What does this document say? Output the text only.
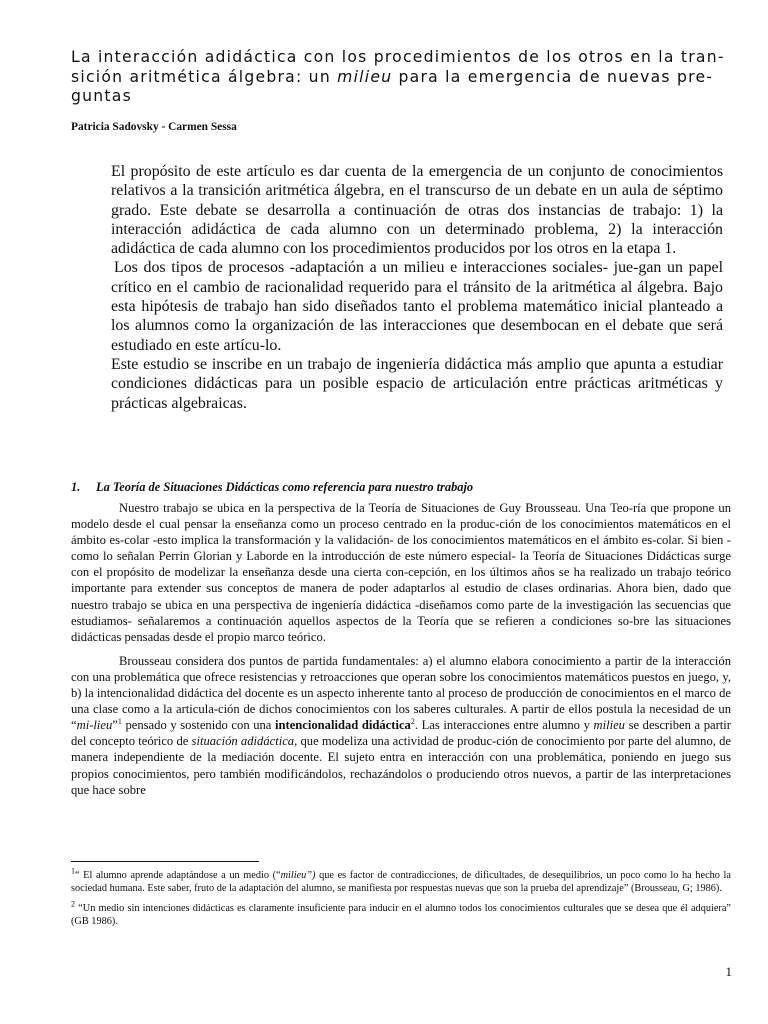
La interacción adidáctica con los procedimientos de los otros en la tran-
sición aritmética álgebra: un milieu para la emergencia de nuevas pre-
guntas

Patricia Sadovsky - Carmen Sessa

El propósito de este artículo es dar cuenta de la emergencia de un conjunto de conocimientos relativos a la transición aritmética álgebra, en el transcurso de un debate en un aula de séptimo grado. Este debate se desarrolla a continuación de otras dos instancias de trabajo: 1) la interacción adidáctica de cada alumno con un determinado problema, 2) la interacción adidáctica de cada alumno con los procedimientos producidos por los otros en la etapa 1.

Los dos tipos de procesos -adaptación a un milieu e interacciones sociales- jue-gan un papel crítico en el cambio de racionalidad requerido para el tránsito de la aritmética al álgebra. Bajo esta hipótesis de trabajo han sido diseñados tanto el problema matemático inicial planteado a los alumnos como la organización de las interacciones que desembocan en el debate que será estudiado en este artícu-lo.

Este estudio se inscribe en un trabajo de ingeniería didáctica más amplio que apunta a estudiar condiciones didácticas para un posible espacio de articulación entre prácticas aritméticas y prácticas algebraicas.

1. La Teoría de Situaciones Didácticas como referencia para nuestro trabajo

Nuestro trabajo se ubica en la perspectiva de la Teoría de Situaciones de Guy Brousseau. Una Teo-ría que propone un modelo desde el cual pensar la enseñanza como un proceso centrado en la produc-ción de los conocimientos matemáticos en el ámbito es-colar -esto implica la transformación y la validación- de los conocimientos matemáticos en el ámbito es-colar. Si bien -como lo señalan Perrin Glorian y Laborde en la introducción de este número especial- la Teoría de Situaciones Didácticas surge con el propósito de modelizar la enseñanza desde una cierta con-cepción, en los últimos años se ha realizado un trabajo teórico importante para extender sus conceptos de manera de poder adaptarlos al estudio de clases ordinarias. Ahora bien, dado que nuestro trabajo se ubica en una perspectiva de ingeniería didáctica -diseñamos como parte de la investigación las secuencias que estudiamos- señalaremos a continuación aquellos aspectos de la Teoría que se refieren a condiciones so-bre las situaciones didácticas pensadas desde el propio marco teórico.

Brousseau considera dos puntos de partida fundamentales: a) el alumno elabora conocimiento a partir de la interacción con una problemática que ofrece resistencias y retroacciones que operan sobre los conocimientos matemáticos puestos en juego, y, b) la intencionalidad didáctica del docente es un aspecto inherente tanto al proceso de producción de conocimientos en el marco de una clase como a la articula-ción de dichos conocimientos con los saberes culturales. A partir de ellos postula la necesidad de un “mi-lieu”$^1$ pensado y sostenido con una intencionalidad didáctica$^2$. Las interacciones entre alumno y milieu se describen a partir del concepto teórico de situación adidáctica, que modeliza una actividad de produc-ción de conocimiento por parte del alumno, de manera independiente de la mediación docente. El sujeto entra en interacción con una problemática, poniendo en juego sus propios conocimientos, pero también modificándolos, rechazándolos o produciendo otros nuevos, a partir de las interpretaciones que hace sobre

$^1$“ El alumno aprende adaptándose a un medio (“milieu”) que es factor de contradicciones, de dificultades, de desequilibrios, un poco como lo ha hecho la sociedad humana. Este saber, fruto de la adaptación del alumno, se manifiesta por respuestas nuevas que son la prueba del aprendizaje” (Brousseau, G; 1986).

$^2$ “Un medio sin intenciones didácticas es claramente insuficiente para inducir en el alumno todos los conocimientos culturales que se desea que él adquiera” (GB 1986).

1
